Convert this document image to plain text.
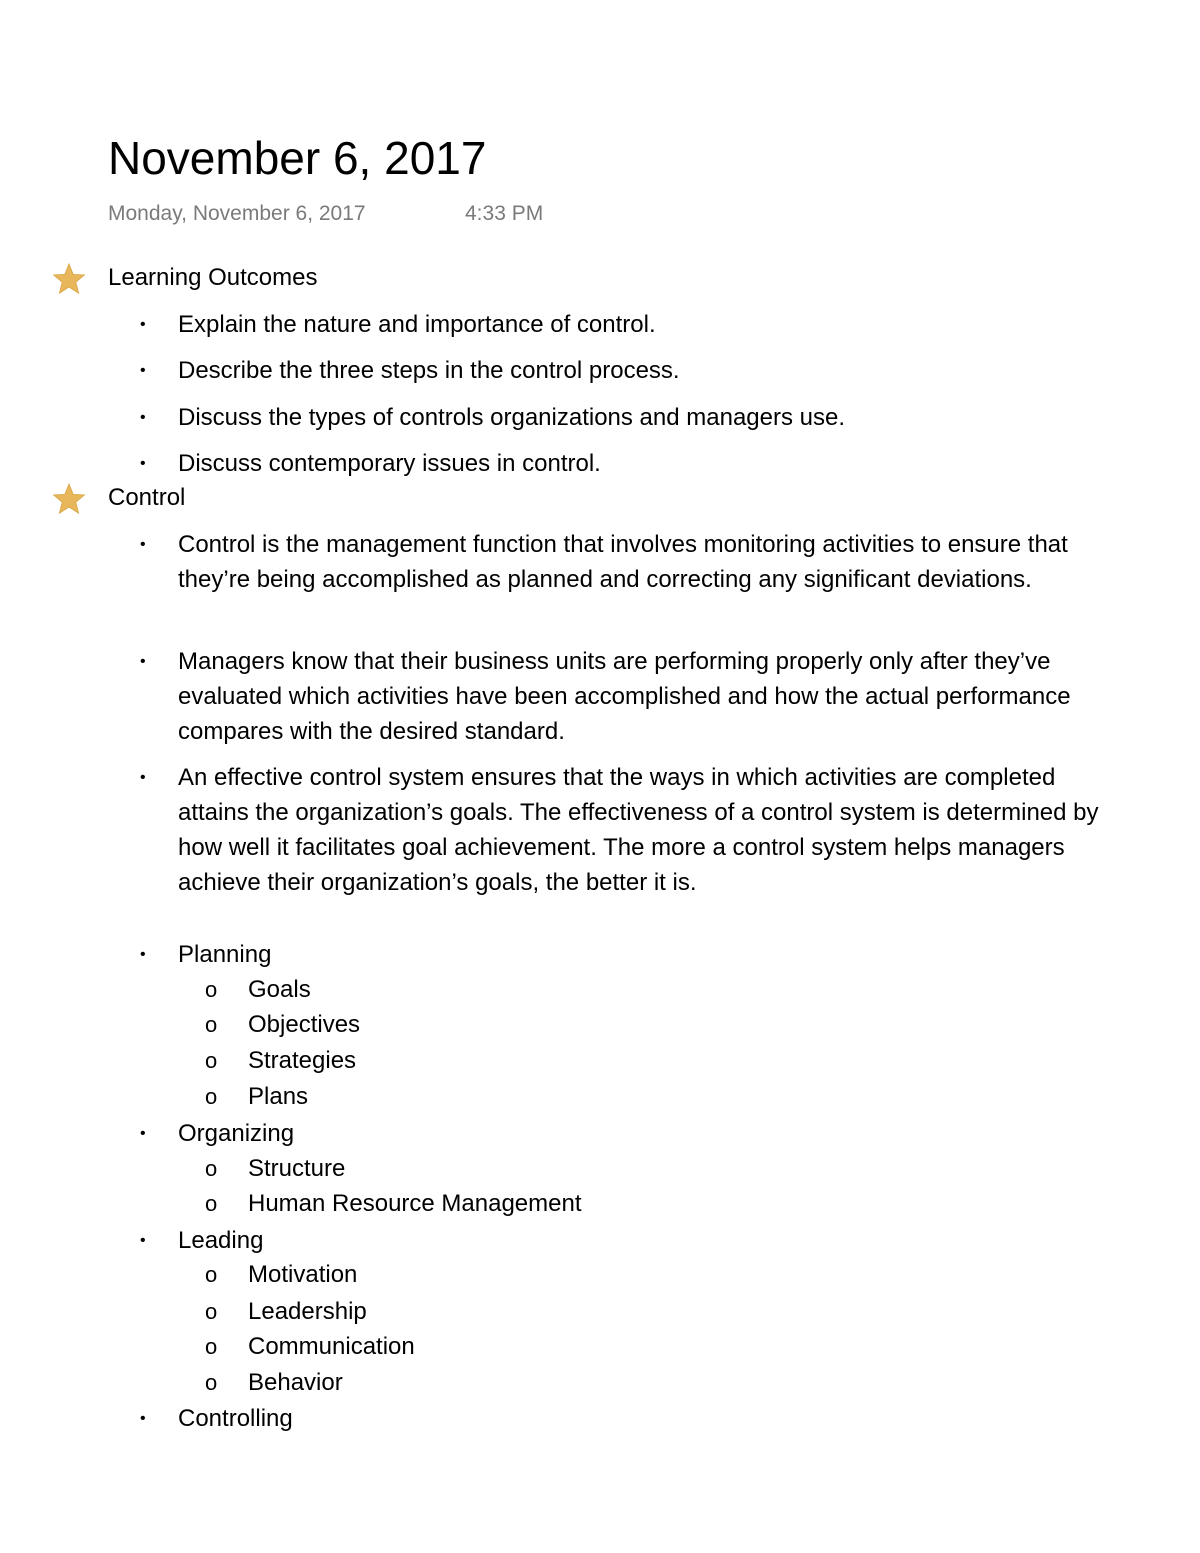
November 6, 2017
Monday, November 6, 2017	4:33 PM
Learning Outcomes
• Explain the nature and importance of control.
• Describe the three steps in the control process.
• Discuss the types of controls organizations and managers use.
• Discuss contemporary issues in control.
Control
• Control is the management function that involves monitoring activities to ensure that they’re being accomplished as planned and correcting any significant deviations.
• Managers know that their business units are performing properly only after they’ve evaluated which activities have been accomplished and how the actual performance compares with the desired standard.
• An effective control system ensures that the ways in which activities are completed attains the organization’s goals. The effectiveness of a control system is determined by how well it facilitates goal achievement. The more a control system helps managers achieve their organization’s goals, the better it is.
• Planning
o Goals
o Objectives
o Strategies
o Plans
• Organizing
o Structure
o Human Resource Management
• Leading
o Motivation
o Leadership
o Communication
o Behavior
• Controlling
